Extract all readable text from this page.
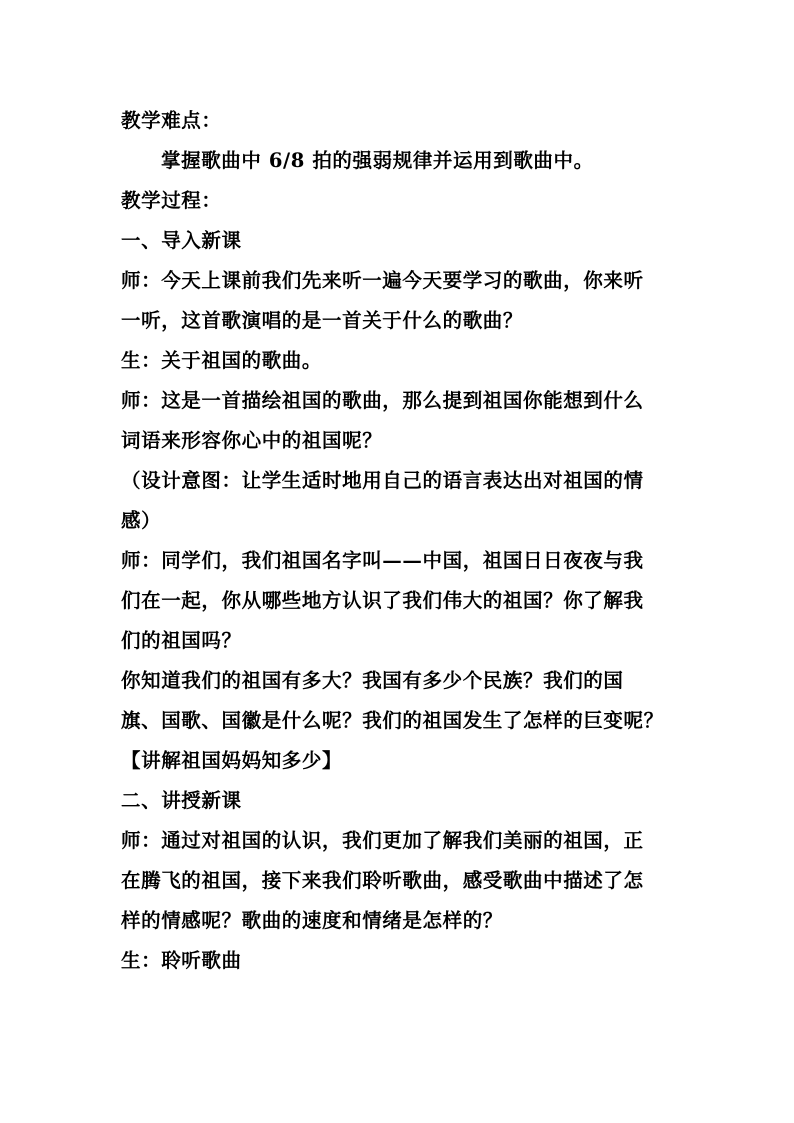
教学难点：
掌握歌曲中 6/8 拍的强弱规律并运用到歌曲中。
教学过程：
一、导入新课
师：今天上课前我们先来听一遍今天要学习的歌曲，你来听
一听，这首歌演唱的是一首关于什么的歌曲？
生：关于祖国的歌曲。
师：这是一首描绘祖国的歌曲，那么提到祖国你能想到什么
词语来形容你心中的祖国呢？
（设计意图：让学生适时地用自己的语言表达出对祖国的情
感）
师：同学们，我们祖国名字叫——中国，祖国日日夜夜与我
们在一起，你从哪些地方认识了我们伟大的祖国？你了解我
们的祖国吗？
你知道我们的祖国有多大？我国有多少个民族？我们的国
旗、国歌、国徽是什么呢？我们的祖国发生了怎样的巨变呢？
【讲解祖国妈妈知多少】
二、讲授新课
师：通过对祖国的认识，我们更加了解我们美丽的祖国，正
在腾飞的祖国，接下来我们聆听歌曲，感受歌曲中描述了怎
样的情感呢？歌曲的速度和情绪是怎样的？
生：聆听歌曲
